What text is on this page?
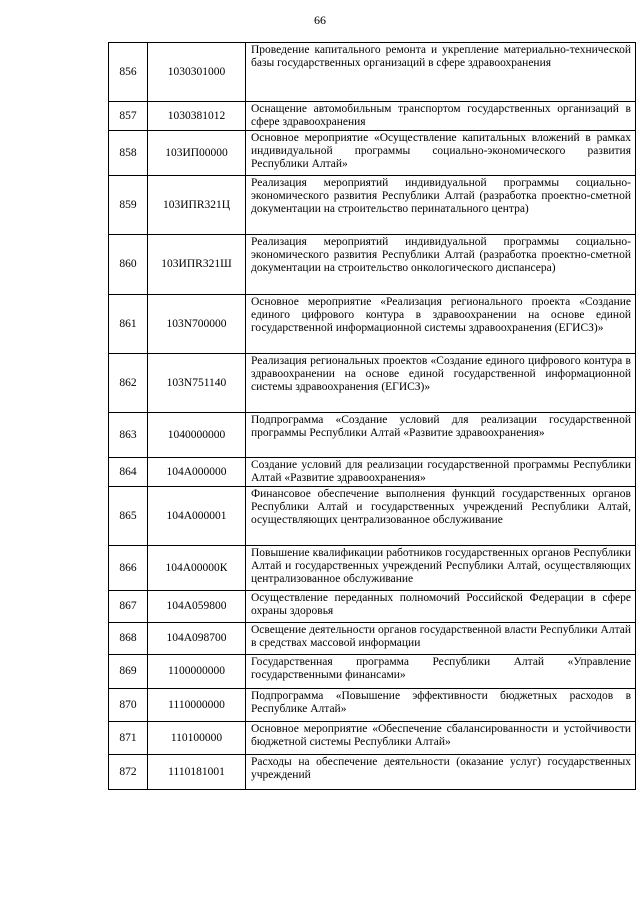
66
856	1030301000	Проведение капитального ремонта и укрепление материально-технической базы государственных организаций в сфере здравоохранения
857	1030381012	Оснащение автомобильным транспортом государственных организаций в сфере здравоохранения
858	103ИП00000	Основное мероприятие «Осуществление капитальных вложений в рамках индивидуальной программы социально-экономического развития Республики Алтай»
859	103ИПR321Ц	Реализация мероприятий индивидуальной программы социально-экономического развития Республики Алтай (разработка проектно-сметной документации на строительство перинатального центра)
860	103ИПR321Ш	Реализация мероприятий индивидуальной программы социально-экономического развития Республики Алтай (разработка проектно-сметной документации на строительство онкологического диспансера)
861	103N700000	Основное мероприятие «Реализация регионального проекта «Создание единого цифрового контура в здравоохранении на основе единой государственной информационной системы здравоохранения (ЕГИСЗ)»
862	103N751140	Реализация региональных проектов «Создание единого цифрового контура в здравоохранении на основе единой государственной информационной системы здравоохранения (ЕГИСЗ)»
863	1040000000	Подпрограмма «Создание условий для реализации государственной программы Республики Алтай «Развитие здравоохранения»
864	104А000000	Создание условий для реализации государственной программы Республики Алтай «Развитие здравоохранения»
865	104А000001	Финансовое обеспечение выполнения функций государственных органов Республики Алтай и государственных учреждений Республики Алтай, осуществляющих централизованное обслуживание
866	104А00000К	Повышение квалификации работников государственных органов Республики Алтай и государственных учреждений Республики Алтай, осуществляющих централизованное обслуживание
867	104А059800	Осуществление переданных полномочий Российской Федерации в сфере охраны здоровья
868	104А098700	Освещение деятельности органов государственной власти Республики Алтай в средствах массовой информации
869	1100000000	Государственная программа Республики Алтай «Управление государственными финансами»
870	1110000000	Подпрограмма «Повышение эффективности бюджетных расходов в Республике Алтай»
871	110100000	Основное мероприятие «Обеспечение сбалансированности и устойчивости бюджетной системы Республики Алтай»
872	1110181001	Расходы на обеспечение деятельности (оказание услуг) государственных учреждений
